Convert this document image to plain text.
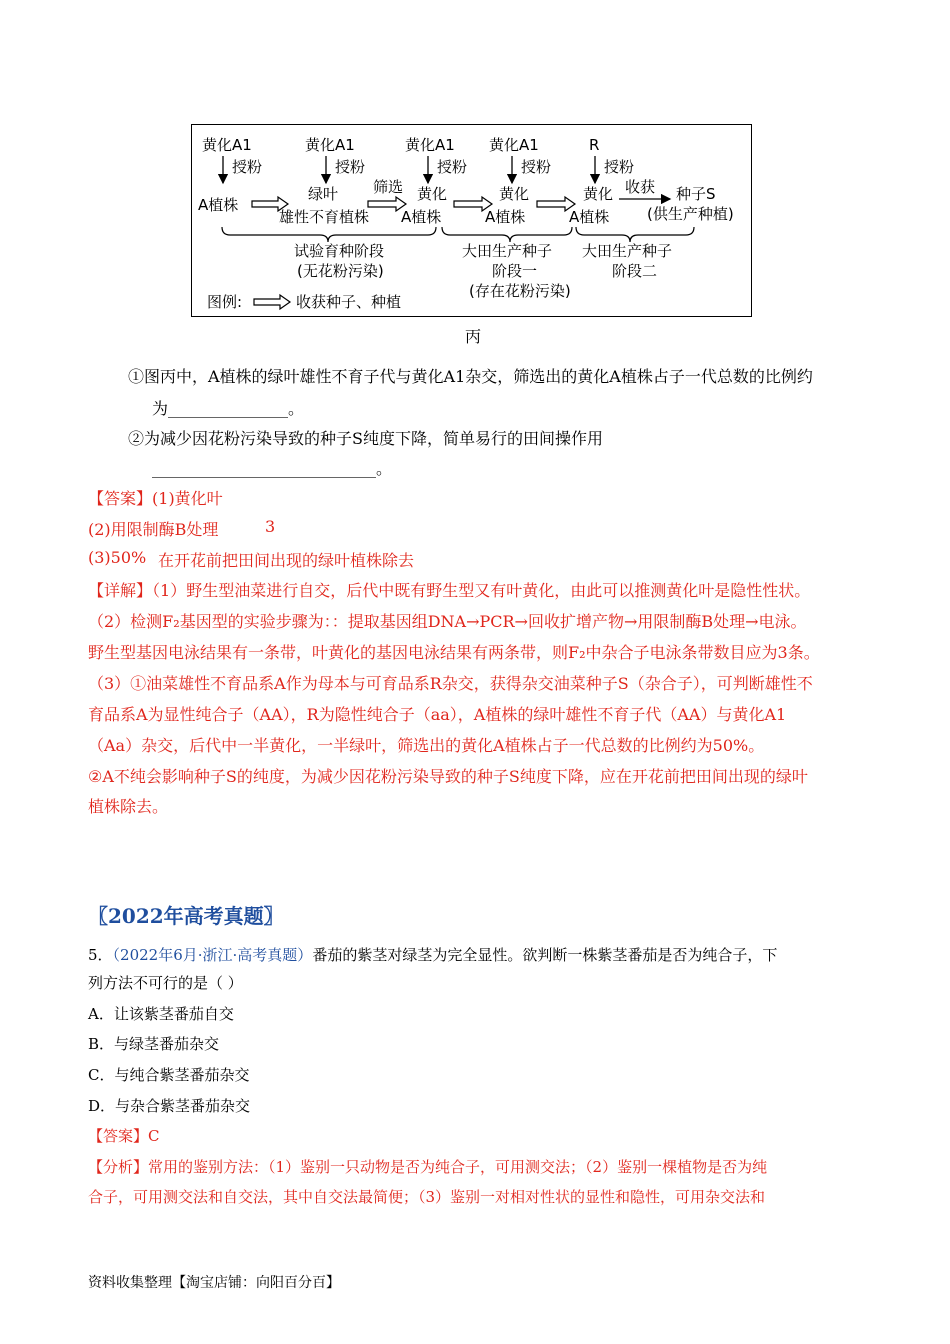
黄化A1	黄化A1	黄化A1 黄化A1	R
授粉	授粉	授粉	授粉	授粉
A植株
绿叶
雄性不育植株
筛选 黄化
A植株
黄化
A植株
黄化
A植株
收获 种子S
(供生产种植)
试验育种阶段
(无花粉污染)
大田生产种子
阶段一
(存在花粉污染)
大田生产种子
阶段二
图例:	收获种子、种植
丙
①图丙中，A植株的绿叶雄性不育子代与黄化A1杂交，筛选出的黄化A植株占子一代总数的比例约
为_______________。
②为减少因花粉污染导致的种子S纯度下降，简单易行的田间操作用
____________________________。
【答案】(1)黄化叶
(2)用限制酶B处理	3
(3)50% 在开花前把田间出现的绿叶植株除去
【详解】（1）野生型油菜进行自交，后代中既有野生型又有叶黄化，由此可以推测黄化叶是隐性性状。
（2）检测F₂基因型的实验步骤为：：提取基因组DNA→PCR→回收扩增产物→用限制酶B处理→电泳。
野生型基因电泳结果有一条带，叶黄化的基因电泳结果有两条带，则F₂中杂合子电泳条带数目应为3条。
（3）①油菜雄性不育品系A作为母本与可育品系R杂交，获得杂交油菜种子S（杂合子），可判断雄性不
育品系A为显性纯合子（AA），R为隐性纯合子（aa），A植株的绿叶雄性不育子代（AA）与黄化A1
（Aa）杂交，后代中一半黄化，一半绿叶，筛选出的黄化A植株占子一代总数的比例约为50%。
②A不纯会影响种子S的纯度，为减少因花粉污染导致的种子S纯度下降，应在开花前把田间出现的绿叶
植株除去。
〖2022年高考真题〗
5．（2022年6月·浙江·高考真题）番茄的紫茎对绿茎为完全显性。欲判断一株紫茎番茄是否为纯合子，下
列方法不可行的是（ ）
A．让该紫茎番茄自交
B．与绿茎番茄杂交
C．与纯合紫茎番茄杂交
D．与杂合紫茎番茄杂交
【答案】C
【分析】常用的鉴别方法：（1）鉴别一只动物是否为纯合子，可用测交法；（2）鉴别一棵植物是否为纯
合子，可用测交法和自交法，其中自交法最简便；（3）鉴别一对相对性状的显性和隐性，可用杂交法和
资料收集整理【淘宝店铺：向阳百分百】
